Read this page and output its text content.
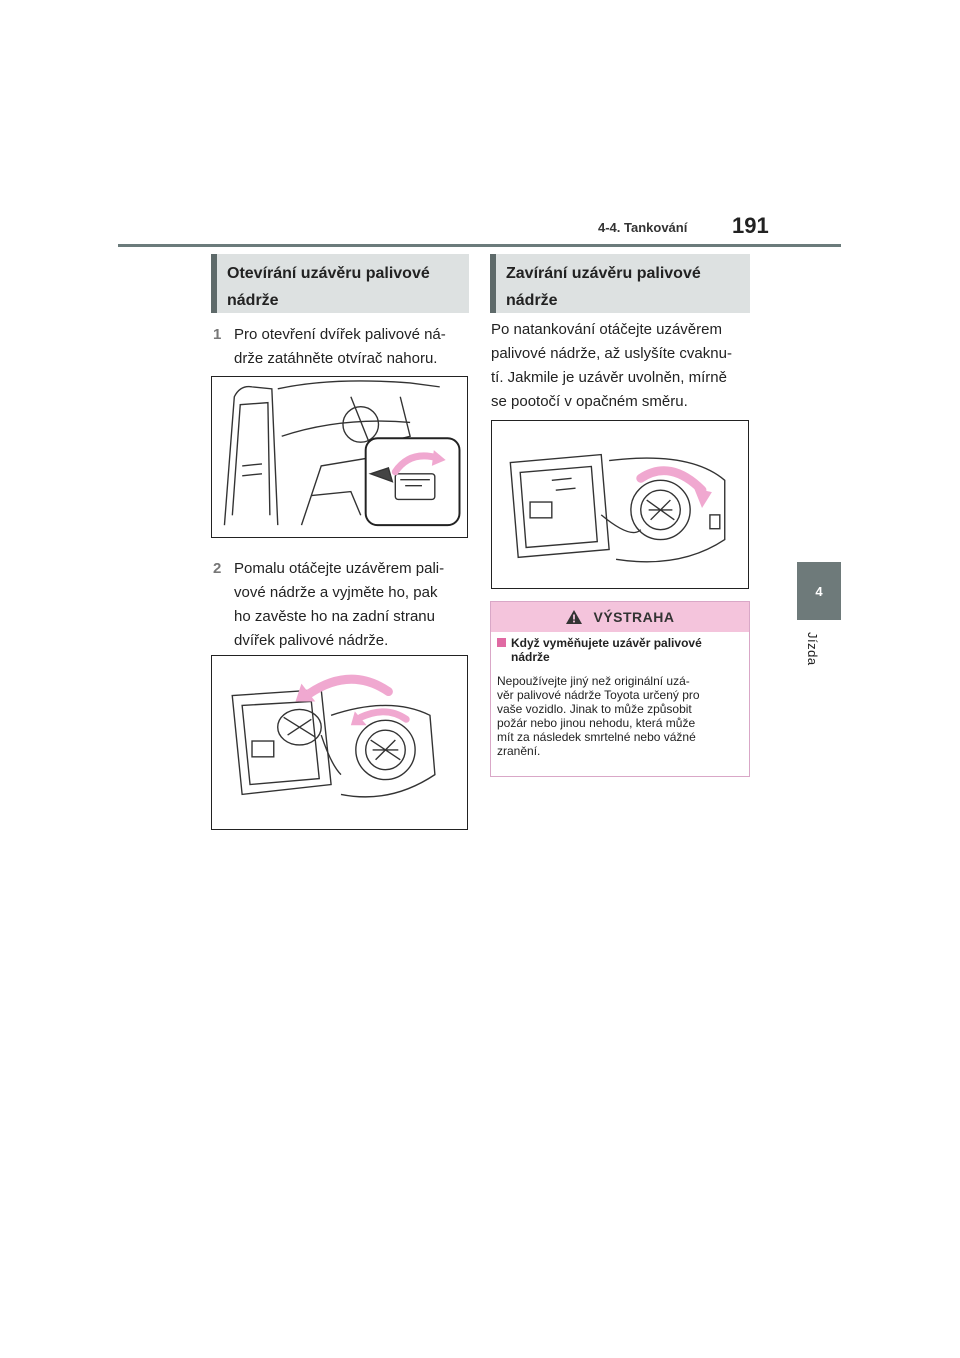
4-4. Tankování 191
4
Jízda
Otevírání uzávěru palivové
nádrže
1 Pro otevření dvířek palivové ná-
drže zatáhněte otvírač nahoru.
2 Pomalu otáčejte uzávěrem pali-
vové nádrže a vyjměte ho, pak
ho zavěste ho na zadní stranu
dvířek palivové nádrže.
Zavírání uzávěru palivové
nádrže
Po natankování otáčejte uzávěrem
palivové nádrže, až uslyšíte cvaknu-
tí. Jakmile je uzávěr uvolněn, mírně
se pootočí v opačném směru.
VÝSTRAHA
Když vyměňujete uzávěr palivové
nádrže
Nepoužívejte jiný než originální uzá-
věr palivové nádrže Toyota určený pro
vaše vozidlo. Jinak to může způsobit
požár nebo jinou nehodu, která může
mít za následek smrtelné nebo vážné
zranění.
